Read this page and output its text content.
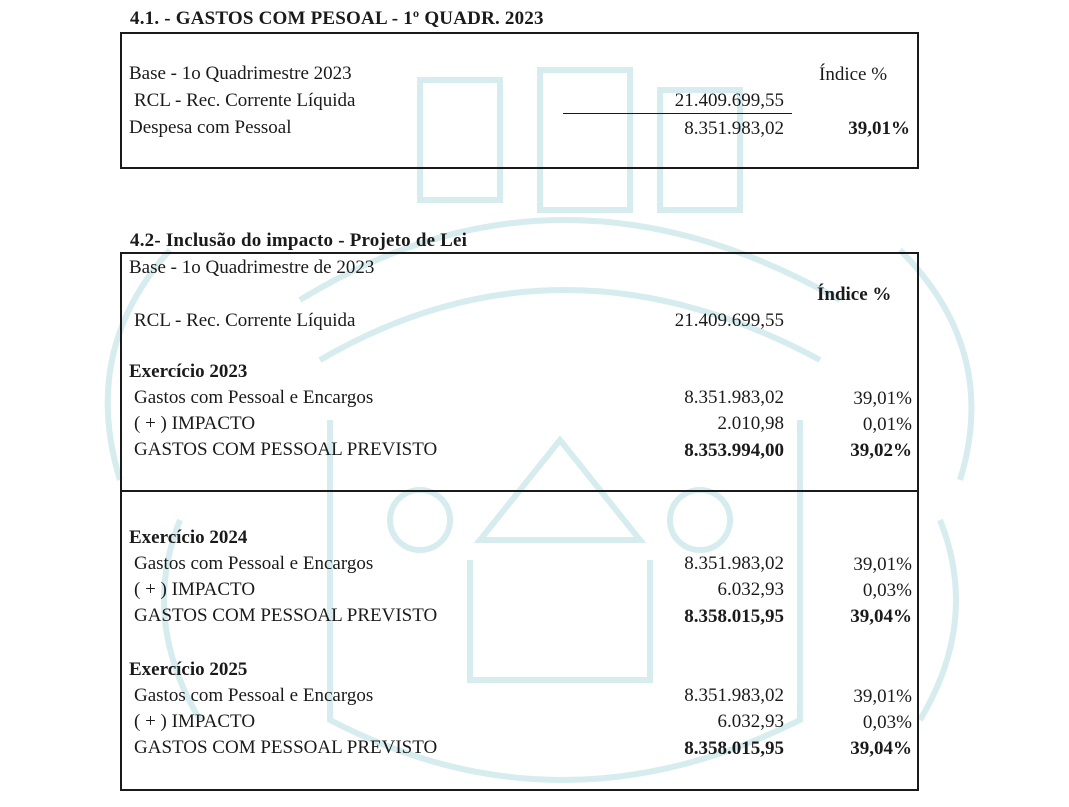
4.1. - GASTOS COM PESOAL - 1º QUADR. 2023
Base - 1o Quadrimestre 2023	Índice %
RCL - Rec. Corrente Líquida	21.409.699,55
Despesa com Pessoal	8.351.983,02	39,01%
4.2- Inclusão do impacto - Projeto de Lei
Base - 1o Quadrimestre de 2023
Índice %
RCL - Rec. Corrente Líquida	21.409.699,55
Exercício 2023
Gastos com Pessoal e Encargos	8.351.983,02	39,01%
( + ) IMPACTO	2.010,98	0,01%
GASTOS COM PESSOAL PREVISTO	8.353.994,00	39,02%
Exercício 2024
Gastos com Pessoal e Encargos	8.351.983,02	39,01%
( + ) IMPACTO	6.032,93	0,03%
GASTOS COM PESSOAL PREVISTO	8.358.015,95	39,04%
Exercício 2025
Gastos com Pessoal e Encargos	8.351.983,02	39,01%
( + ) IMPACTO	6.032,93	0,03%
GASTOS COM PESSOAL PREVISTO	8.358.015,95	39,04%
